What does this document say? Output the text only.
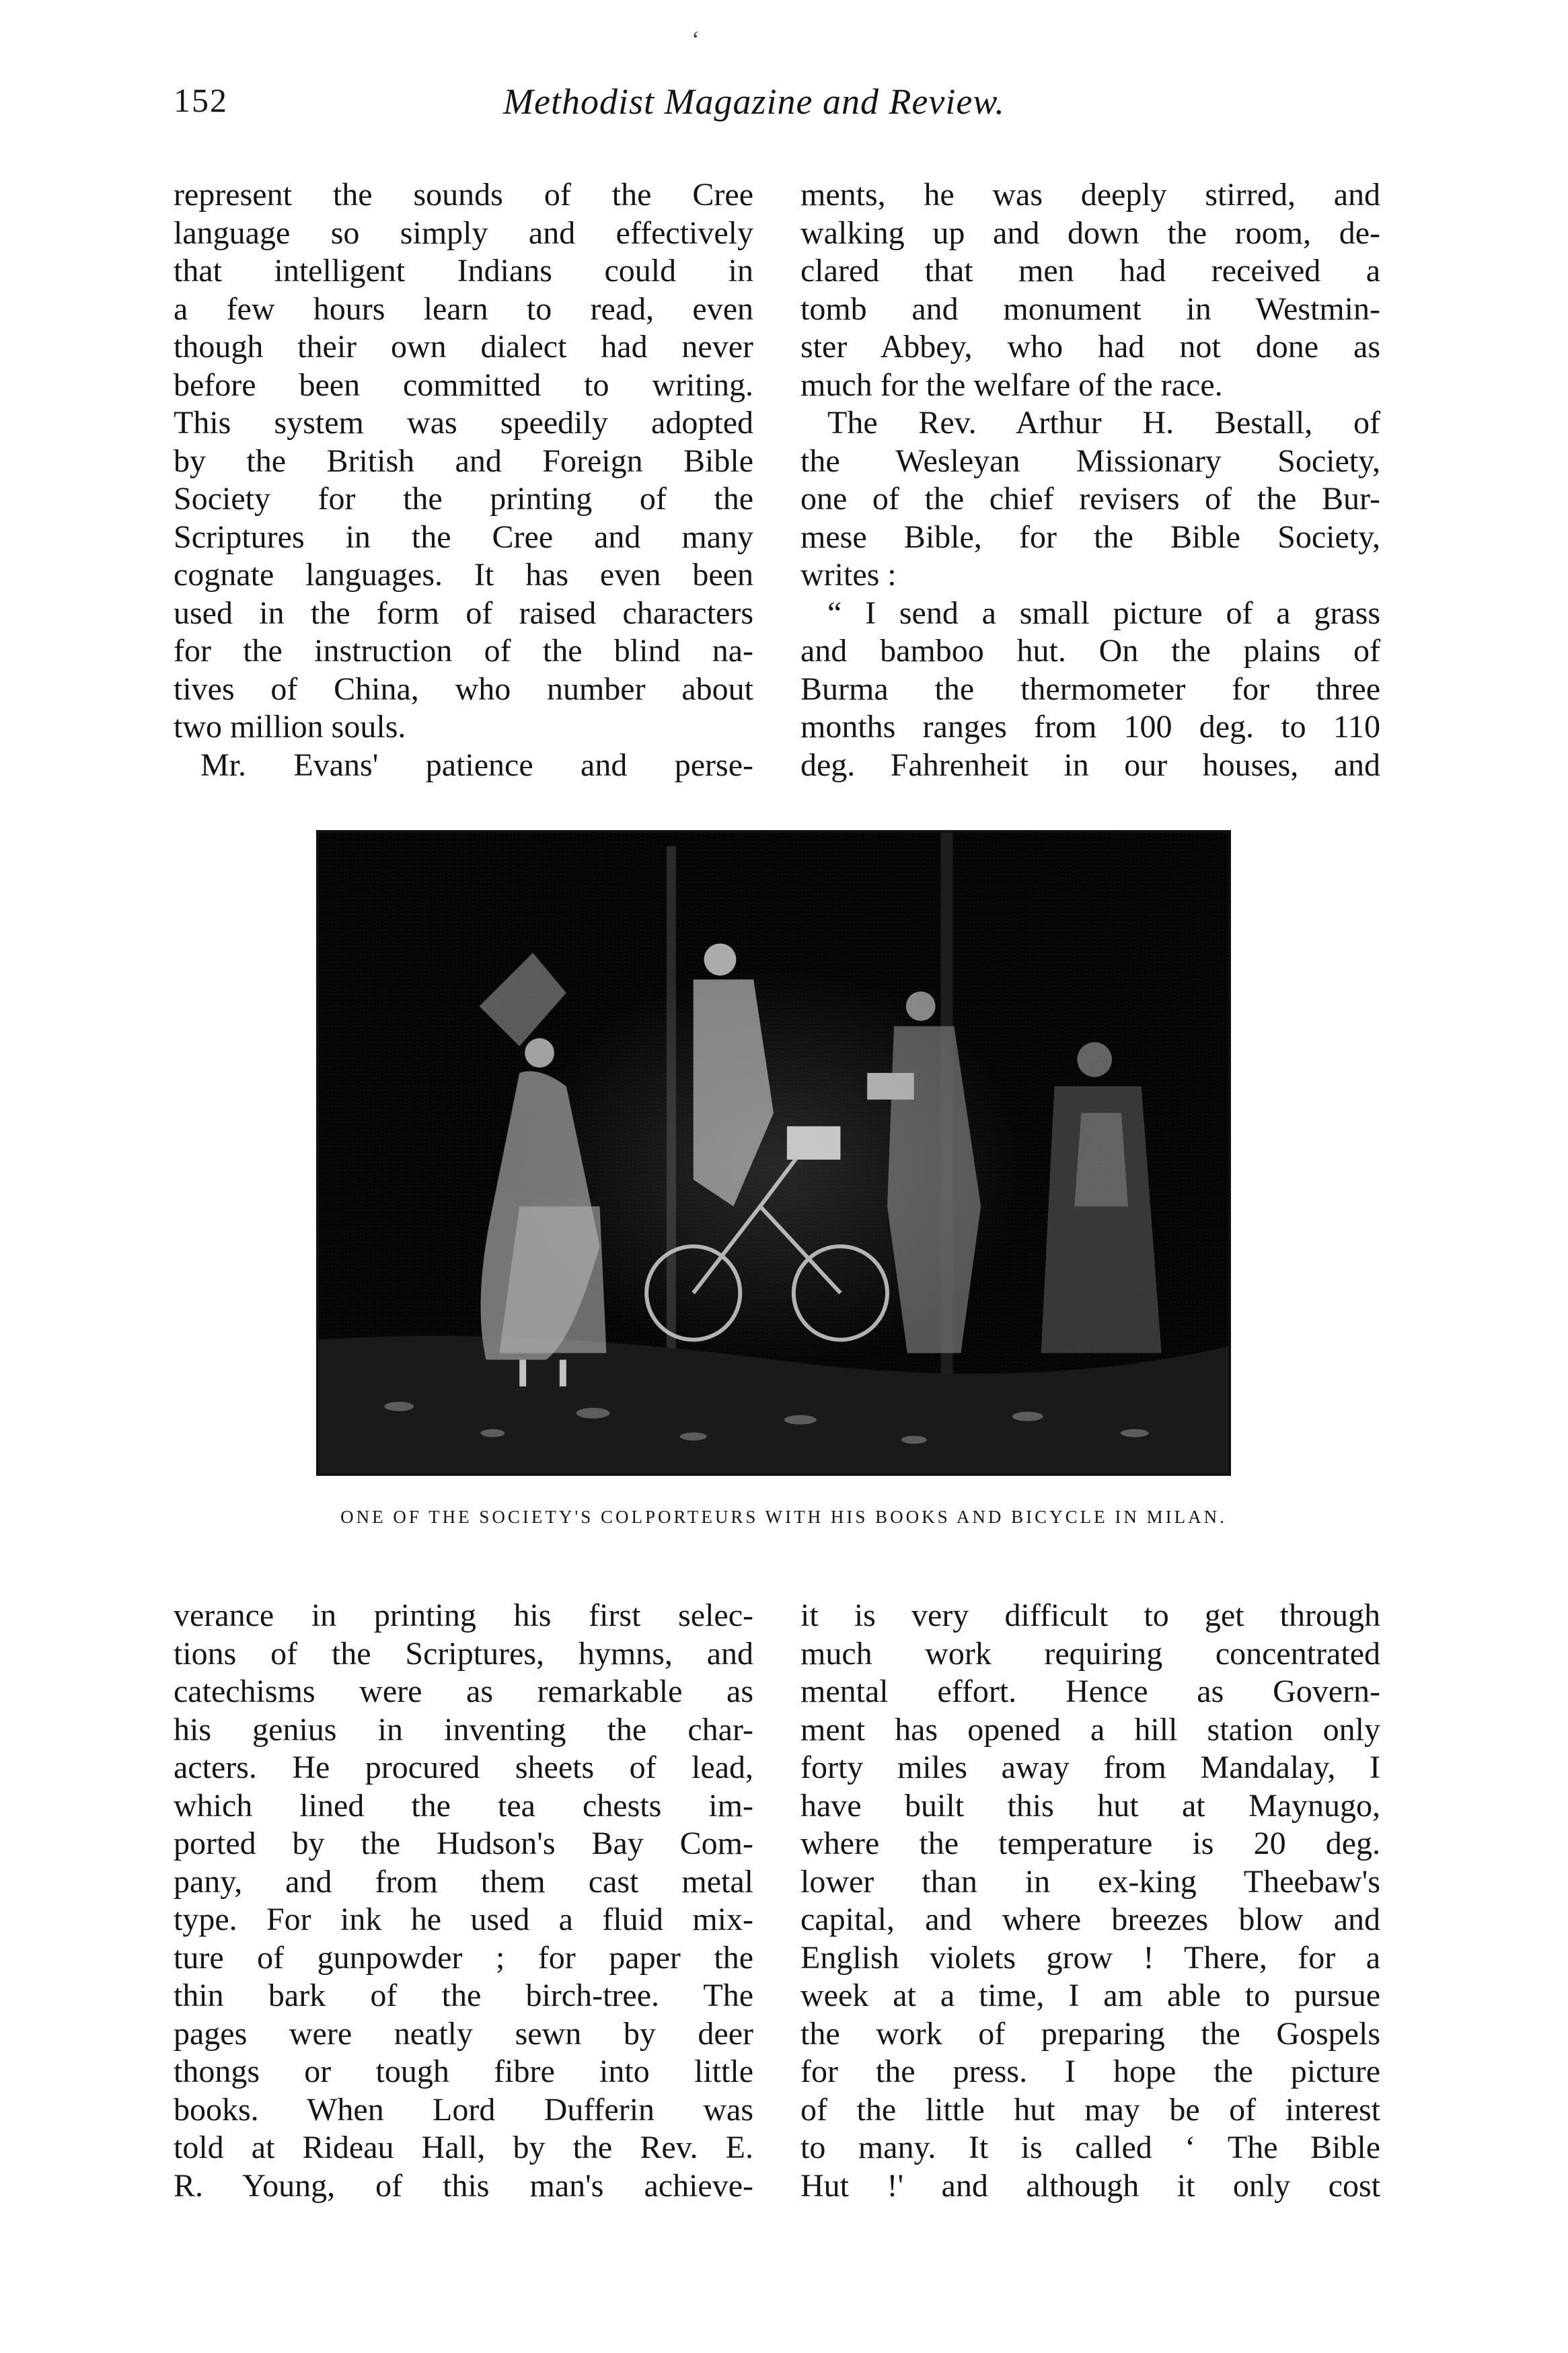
152	Methodist Magazine and Review.
‘
represent the sounds of the Cree
language so simply and effectively
that intelligent Indians could in
a few hours learn to read, even
though their own dialect had never
before been committed to writing.
This system was speedily adopted
by the British and Foreign Bible
Society for the printing of the
Scriptures in the Cree and many
cognate languages. It has even been
used in the form of raised characters
for the instruction of the blind na-
tives of China, who number about
two million souls.
Mr. Evans' patience and perse-
ments, he was deeply stirred, and
walking up and down the room, de-
clared that men had received a
tomb and monument in Westmin-
ster Abbey, who had not done as
much for the welfare of the race.
The Rev. Arthur H. Bestall, of
the Wesleyan Missionary Society,
one of the chief revisers of the Bur-
mese Bible, for the Bible Society,
writes :
“ I send a small picture of a grass
and bamboo hut. On the plains of
Burma the thermometer for three
months ranges from 100 deg. to 110
deg. Fahrenheit in our houses, and
ONE OF THE SOCIETY'S COLPORTEURS WITH HIS BOOKS AND BICYCLE IN MILAN.
verance in printing his first selec-
tions of the Scriptures, hymns, and
catechisms were as remarkable as
his genius in inventing the char-
acters. He procured sheets of lead,
which lined the tea chests im-
ported by the Hudson's Bay Com-
pany, and from them cast metal
type. For ink he used a fluid mix-
ture of gunpowder ; for paper the
thin bark of the birch-tree. The
pages were neatly sewn by deer
thongs or tough fibre into little
books. When Lord Dufferin was
told at Rideau Hall, by the Rev. E.
R. Young, of this man's achieve-
it is very difficult to get through
much work requiring concentrated
mental effort. Hence as Govern-
ment has opened a hill station only
forty miles away from Mandalay, I
have built this hut at Maynugo,
where the temperature is 20 deg.
lower than in ex-king Theebaw's
capital, and where breezes blow and
English violets grow ! There, for a
week at a time, I am able to pursue
the work of preparing the Gospels
for the press. I hope the picture
of the little hut may be of interest
to many. It is called ‘ The Bible
Hut !' and although it only cost
